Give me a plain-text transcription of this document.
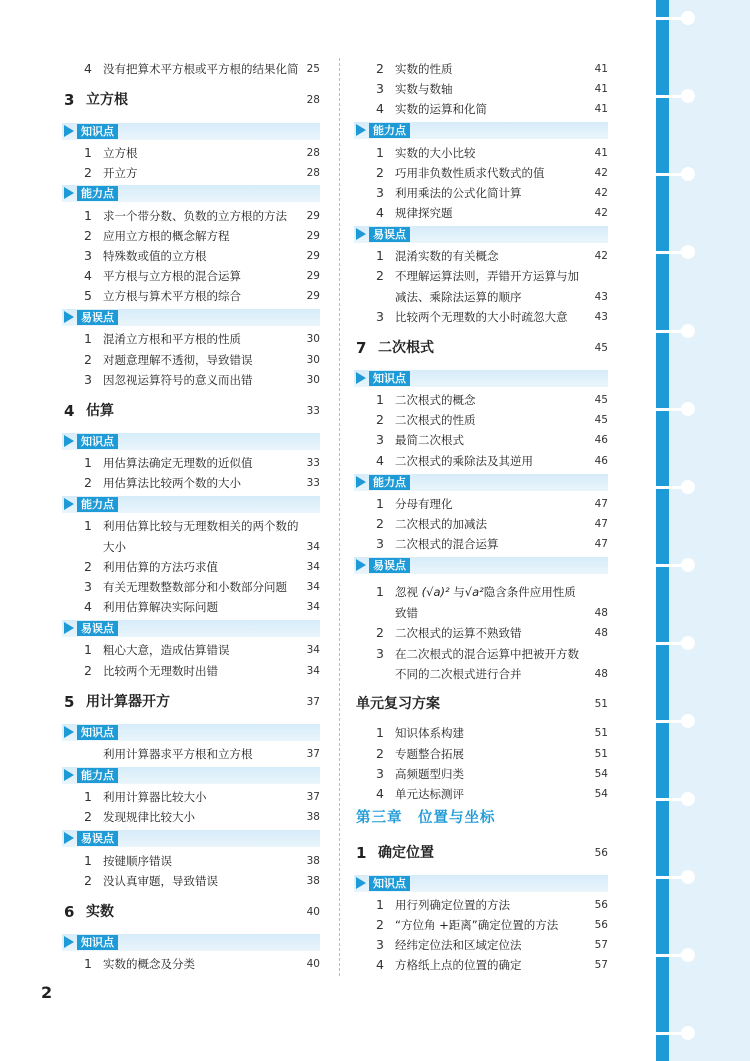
4 没有把算术平方根或平方根的结果化简 25
3 立方根	28
知识点
1 立方根	28
2 开立方	28
能力点
1 求一个带分数、负数的立方根的方法 29
2 应用立方根的概念解方程	29
3 特殊数或值的立方根	29
4 平方根与立方根的混合运算	29
5 立方根与算术平方根的综合	29
易误点
1 混淆立方根和平方根的性质	30
2 对题意理解不透彻，导致错误	30
3 因忽视运算符号的意义而出错	30
4 估算	33
知识点
1 用估算法确定无理数的近似值	33
2 用估算法比较两个数的大小	33
能力点
1 利用估算比较与无理数相关的两个数的
大小	34
2 利用估算的方法巧求值	34
3 有关无理数整数部分和小数部分问题 34
4 利用估算解决实际问题	34
易误点
1 粗心大意，造成估算错误	34
2 比较两个无理数时出错	34
5 用计算器开方	37
知识点
利用计算器求平方根和立方根	37
能力点
1 利用计算器比较大小	37
2 发现规律比较大小	38
易误点
1 按键顺序错误	38
2 没认真审题，导致错误	38
6 实数	40
知识点
1 实数的概念及分类	40
2 实数的性质	41
3 实数与数轴	41
4 实数的运算和化简	41
能力点
1 实数的大小比较	41
2 巧用非负数性质求代数式的值	42
3 利用乘法的公式化简计算	42
4 规律探究题	42
易误点
1 混淆实数的有关概念	42
2 不理解运算法则，弄错开方运算与加
减法、乘除法运算的顺序	43
3 比较两个无理数的大小时疏忽大意	43
7 二次根式	45
知识点
1 二次根式的概念	45
2 二次根式的性质	45
3 最简二次根式	46
4 二次根式的乘除法及其逆用	46
能力点
1 分母有理化	47
2 二次根式的加减法	47
3 二次根式的混合运算	47
易误点
1 忽视 (√a)² 与√a²隐含条件应用性质
致错	48
2 二次根式的运算不熟致错	48
3 在二次根式的混合运算中把被开方数
不同的二次根式进行合并	48
单元复习方案	51
1 知识体系构建	51
2 专题整合拓展	51
3 高频题型归类	54
4 单元达标测评	54
第三章　位置与坐标
1 确定位置	56
知识点
1 用行列确定位置的方法	56
2 “方位角 +距离”确定位置的方法	56
3 经纬定位法和区域定位法	57
4 方格纸上点的位置的确定	57
2
